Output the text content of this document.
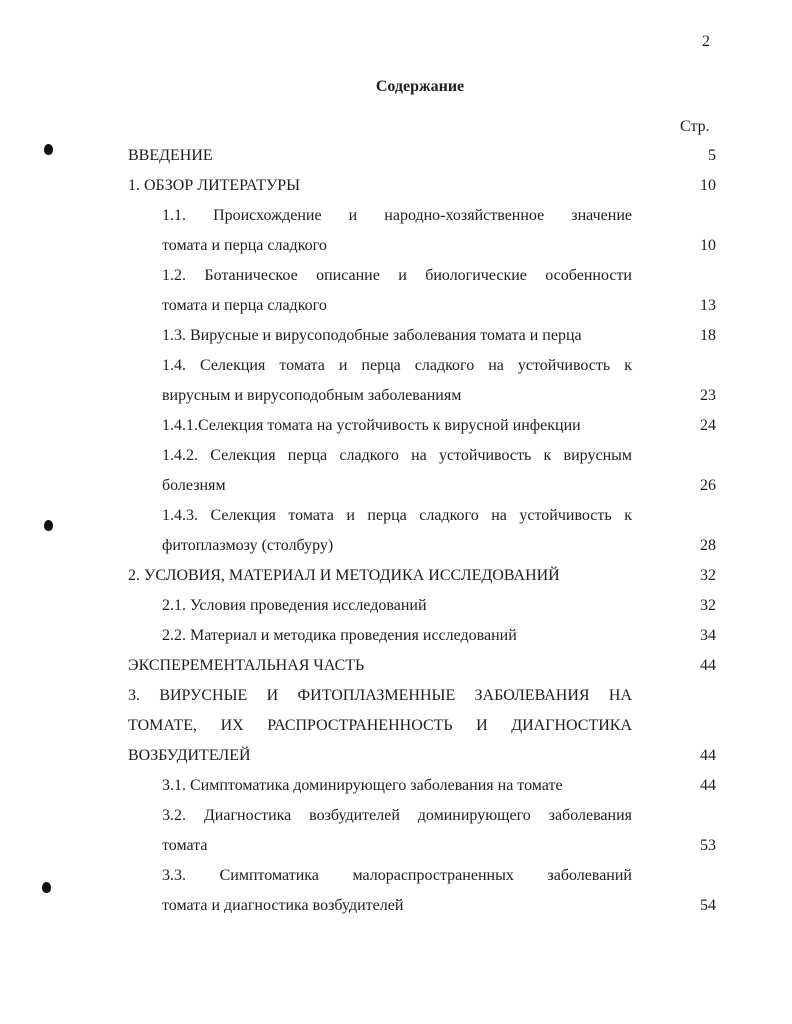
2
Содержание
Стр.
ВВЕДЕНИЕ	5
1. ОБЗОР ЛИТЕРАТУРЫ	10
1.1. Происхождение и народно-хозяйственное значение
томата и перца сладкого	10
1.2. Ботаническое описание и биологические особенности
томата и перца сладкого	13
1.3. Вирусные и вирусоподобные заболевания томата и перца	18
1.4. Селекция томата и перца сладкого на устойчивость к
вирусным и вирусоподобным заболеваниям	23
1.4.1.Селекция томата на устойчивость к вирусной инфекции	24
1.4.2. Селекция перца сладкого на устойчивость к вирусным
болезням	26
1.4.3. Селекция томата и перца сладкого на устойчивость к
фитоплазмозу (столбуру)	28
2. УСЛОВИЯ, МАТЕРИАЛ И МЕТОДИКА ИССЛЕДОВАНИЙ	32
2.1. Условия проведения исследований	32
2.2. Материал и методика проведения исследований	34
ЭКСПЕРЕМЕНТАЛЬНАЯ ЧАСТЬ	44
3. ВИРУСНЫЕ И ФИТОПЛАЗМЕННЫЕ ЗАБОЛЕВАНИЯ НА
ТОМАТЕ, ИХ РАСПРОСТРАНЕННОСТЬ И ДИАГНОСТИКА
ВОЗБУДИТЕЛЕЙ	44
3.1. Симптоматика доминирующего заболевания на томате	44
3.2. Диагностика возбудителей доминирующего заболевания
томата	53
3.3. Симптоматика малораспространенных заболеваний
томата и диагностика возбудителей	54
